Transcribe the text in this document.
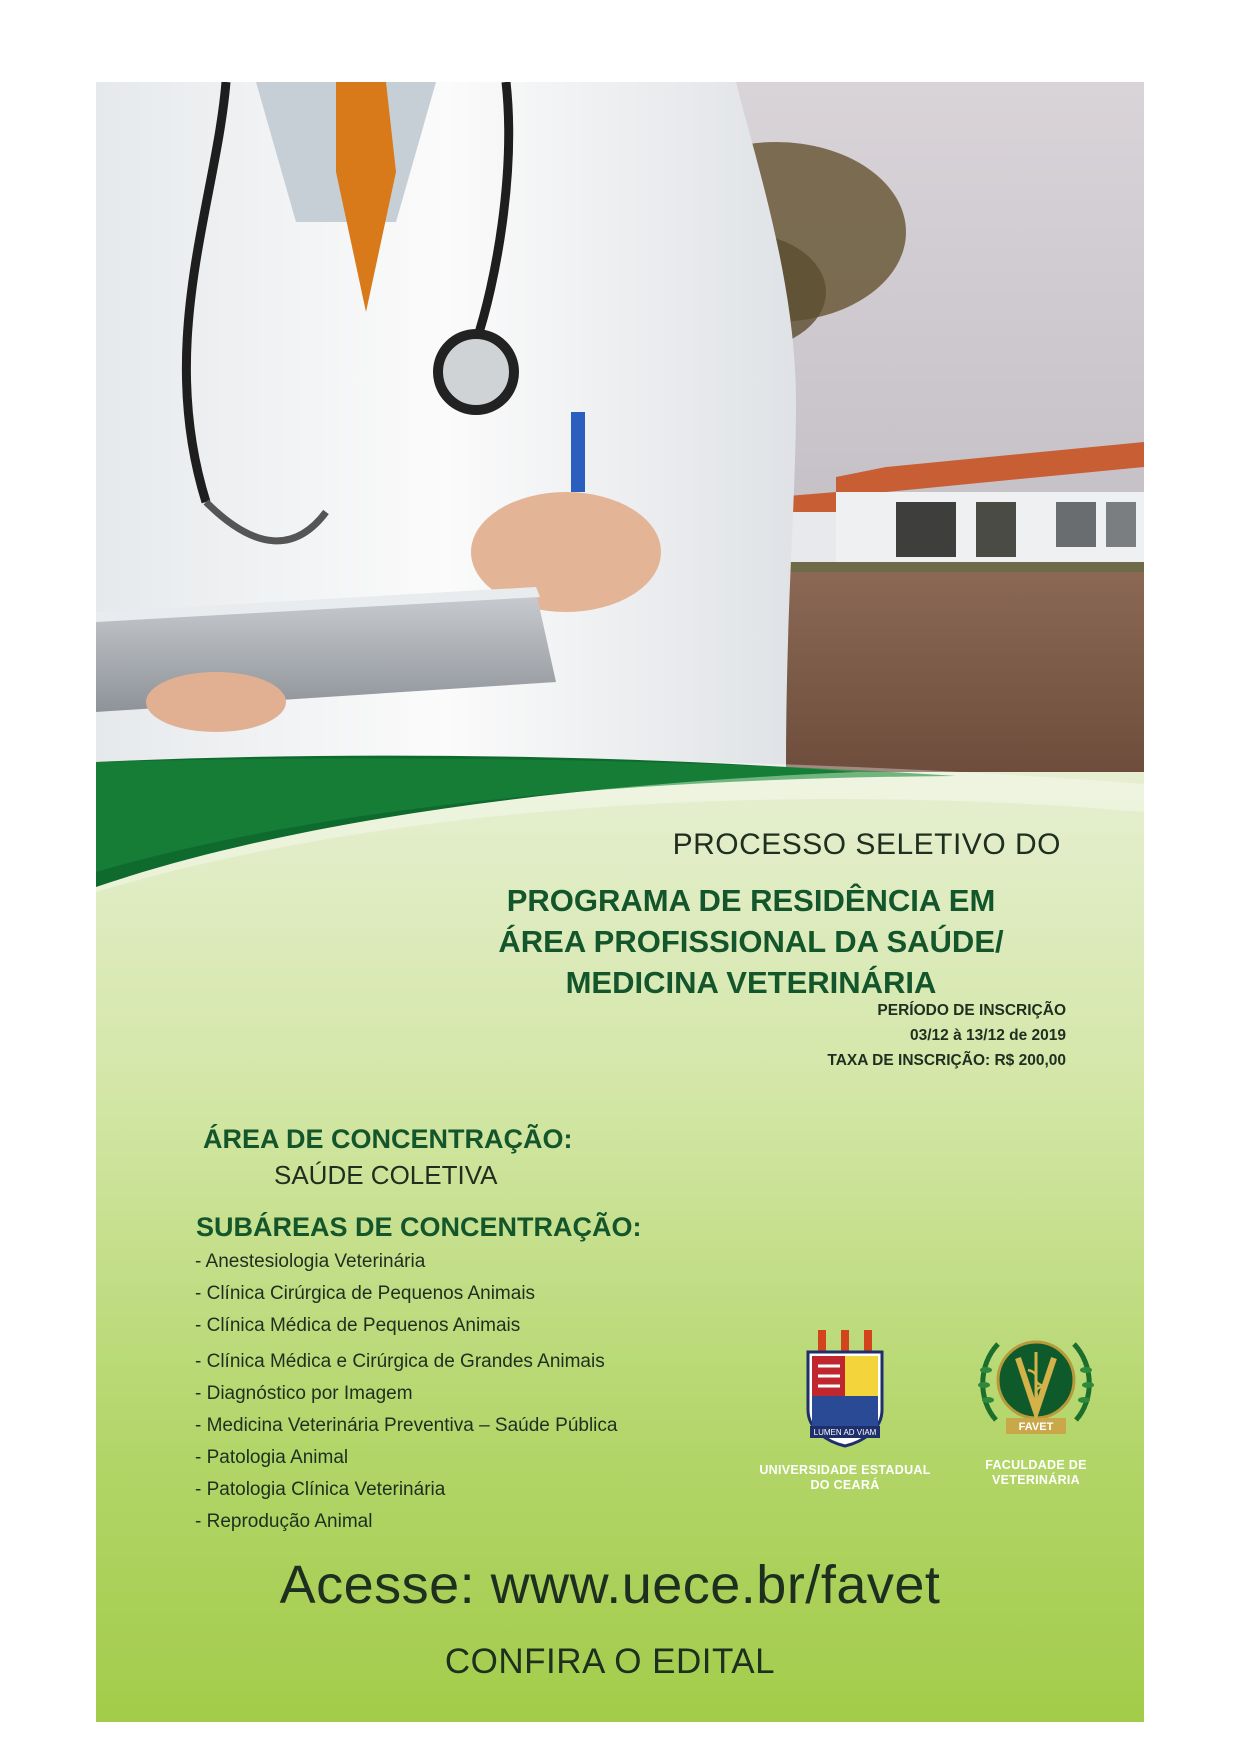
PROCESSO SELETIVO DO
PROGRAMA DE RESIDÊNCIA EM
ÁREA PROFISSIONAL DA SAÚDE/
MEDICINA VETERINÁRIA
PERÍODO DE INSCRIÇÃO
03/12 à 13/12 de 2019
TAXA DE INSCRIÇÃO: R$ 200,00
ÁREA DE CONCENTRAÇÃO:
SAÚDE COLETIVA
SUBÁREAS DE CONCENTRAÇÃO:
- Anestesiologia Veterinária
- Clínica Cirúrgica de Pequenos Animais
- Clínica Médica de Pequenos Animais
- Clínica Médica e Cirúrgica de Grandes Animais
- Diagnóstico por Imagem
- Medicina Veterinária Preventiva – Saúde Pública
- Patologia Animal
- Patologia Clínica Veterinária
- Reprodução Animal
LUMEN AD VIAM
UNIVERSIDADE ESTADUAL
DO CEARÁ
FAVET
FACULDADE DE
VETERINÁRIA
Acesse: www.uece.br/favet
CONFIRA O EDITAL
